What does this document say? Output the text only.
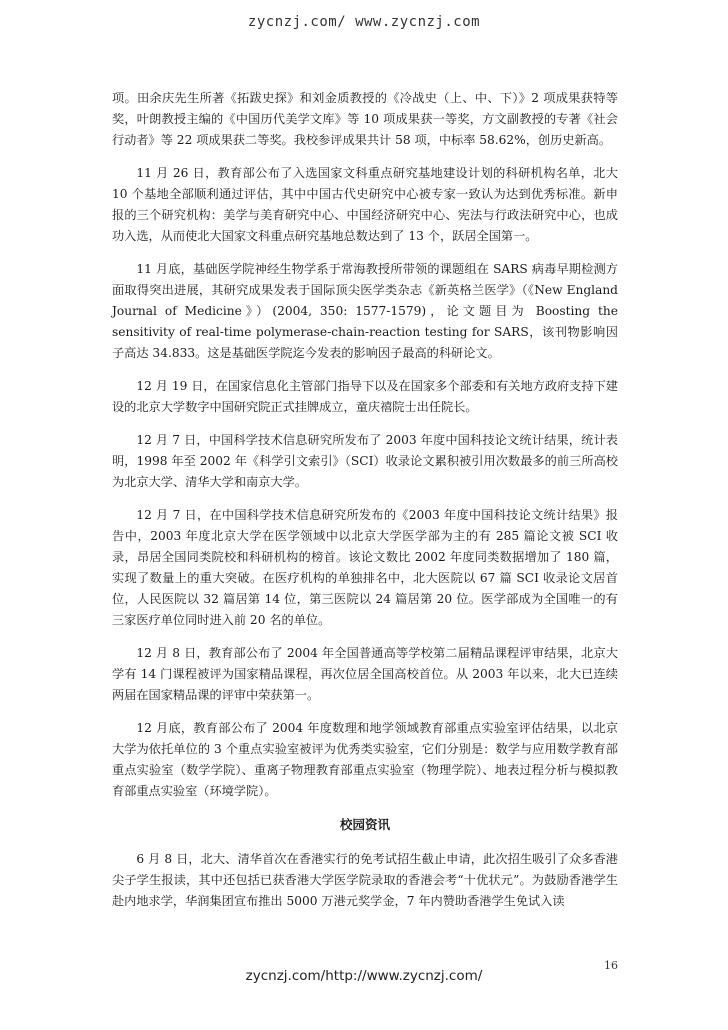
zycnzj.com/ www.zycnzj.com

项。田余庆先生所著《拓跋史探》和刘金质教授的《冷战史（上、中、下）》2 项成果获特等奖，叶朗教授主编的《中国历代美学文库》等 10 项成果获一等奖，方文副教授的专著《社会行动者》等 22 项成果获二等奖。我校参评成果共计 58 项，中标率 58.62%，创历史新高。

11 月 26 日，教育部公布了入选国家文科重点研究基地建设计划的科研机构名单，北大 10 个基地全部顺利通过评估，其中中国古代史研究中心被专家一致认为达到优秀标准。新申报的三个研究机构：美学与美育研究中心、中国经济研究中心、宪法与行政法研究中心，也成功入选，从而使北大国家文科重点研究基地总数达到了 13 个，跃居全国第一。

11 月底，基础医学院神经生物学系于常海教授所带领的课题组在 SARS 病毒早期检测方面取得突出进展，其研究成果发表于国际顶尖医学类杂志《新英格兰医学》（《New England Journal of Medicine》）(2004, 350: 1577-1579)，论文题目为 Boosting the sensitivity of real-time polymerase-chain-reaction testing for SARS，该刊物影响因子高达 34.833。这是基础医学院迄今发表的影响因子最高的科研论文。

12 月 19 日，在国家信息化主管部门指导下以及在国家多个部委和有关地方政府支持下建设的北京大学数字中国研究院正式挂牌成立，童庆禧院士出任院长。

12 月 7 日，中国科学技术信息研究所发布了 2003 年度中国科技论文统计结果，统计表明，1998 年至 2002 年《科学引文索引》（SCI）收录论文累积被引用次数最多的前三所高校为北京大学、清华大学和南京大学。

12 月 7 日，在中国科学技术信息研究所发布的《2003 年度中国科技论文统计结果》报告中，2003 年度北京大学在医学领域中以北京大学医学部为主的有 285 篇论文被 SCI 收录，昂居全国同类院校和科研机构的榜首。该论文数比 2002 年度同类数据增加了 180 篇，实现了数量上的重大突破。在医疗机构的单独排名中，北大医院以 67 篇 SCI 收录论文居首位，人民医院以 32 篇居第 14 位，第三医院以 24 篇居第 20 位。医学部成为全国唯一的有三家医疗单位同时进入前 20 名的单位。

12 月 8 日，教育部公布了 2004 年全国普通高等学校第二届精品课程评审结果，北京大学有 14 门课程被评为国家精品课程，再次位居全国高校首位。从 2003 年以来，北大已连续两届在国家精品课的评审中荣获第一。

12 月底，教育部公布了 2004 年度数理和地学领域教育部重点实验室评估结果，以北京大学为依托单位的 3 个重点实验室被评为优秀类实验室，它们分别是：数学与应用数学教育部重点实验室（数学学院）、重离子物理教育部重点实验室（物理学院）、地表过程分析与模拟教育部重点实验室（环境学院）。

校园资讯

6 月 8 日，北大、清华首次在香港实行的免考试招生截止申请，此次招生吸引了众多香港尖子学生报读，其中还包括已获香港大学医学院录取的香港会考“十优状元”。为鼓励香港学生赴内地求学，华润集团宣布推出 5000 万港元奖学金，7 年内赞助香港学生免试入读

16
zycnzj.com/http://www.zycnzj.com/
